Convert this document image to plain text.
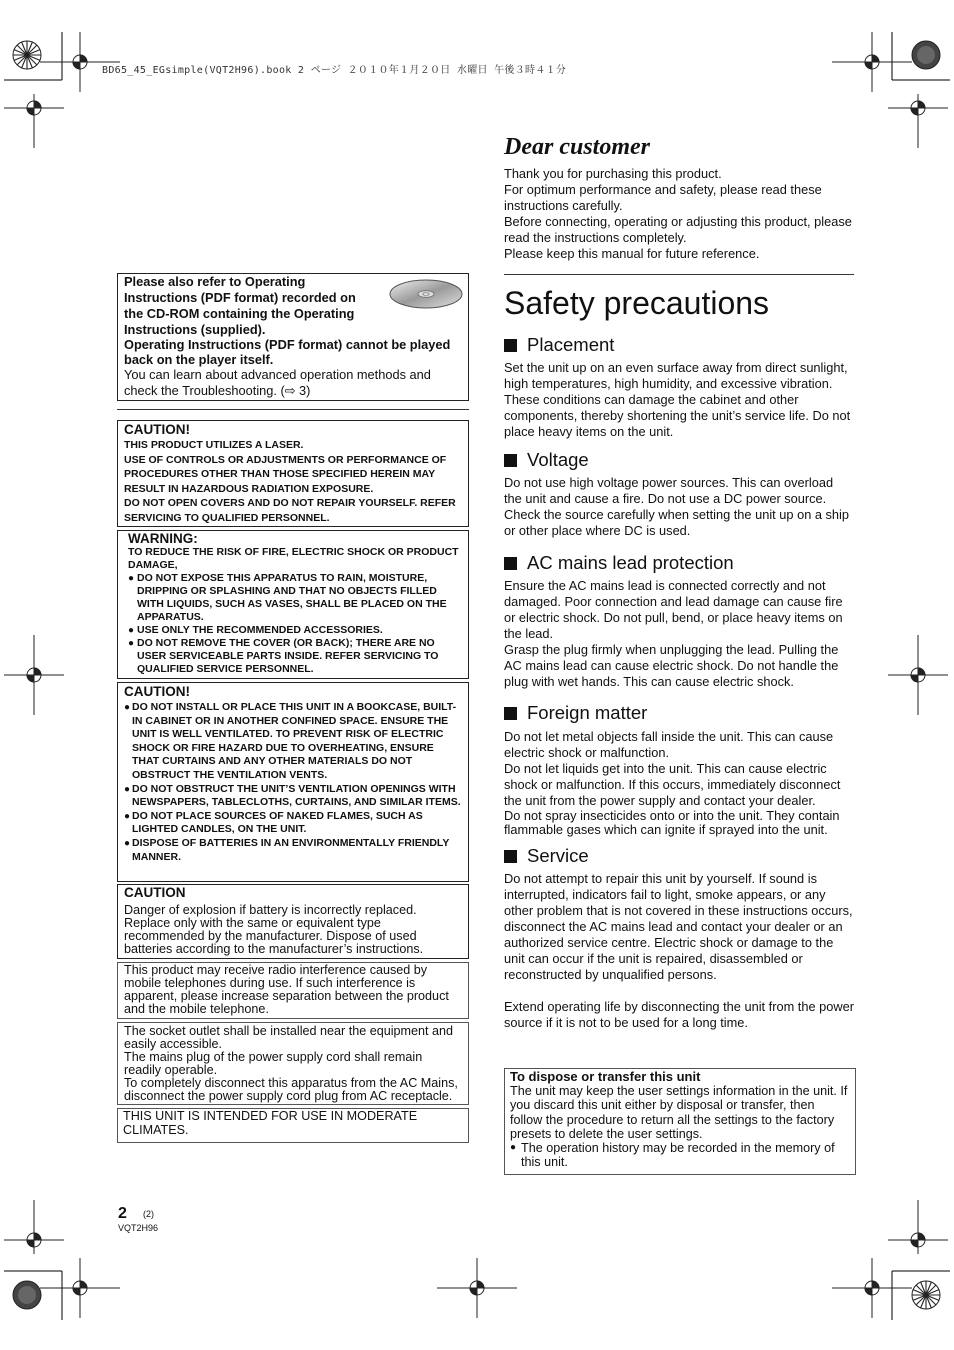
BD65_45_EGsimple(VQT2H96).book 2 ページ ２０１０年１月２０日 水曜日 午後３時４１分
Dear customer

Thank you for purchasing this product.

For optimum performance and safety, please read these instructions carefully.

Before connecting, operating or adjusting this product, please read the instructions completely.

Please keep this manual for future reference.

Safety precautions
Placement
Set the unit up on an even surface away from direct sunlight, high temperatures, high humidity, and excessive vibration. These conditions can damage the cabinet and other components, thereby shortening the unit’s service life. Do not place heavy items on the unit.
Voltage
Do not use high voltage power sources. This can overload the unit and cause a fire. Do not use a DC power source. Check the source carefully when setting the unit up on a ship or other place where DC is used.
AC mains lead protection

Ensure the AC mains lead is connected correctly and not damaged. Poor connection and lead damage can cause fire or electric shock. Do not pull, bend, or place heavy items on the lead.

Grasp the plug firmly when unplugging the lead. Pulling the AC mains lead can cause electric shock. Do not handle the plug with wet hands. This can cause electric shock.

Foreign matter

Do not let metal objects fall inside the unit. This can cause electric shock or malfunction.

Do not let liquids get into the unit. This can cause electric shock or malfunction. If this occurs, immediately disconnect the unit from the power supply and contact your dealer.

Do not spray insecticides onto or into the unit. They contain flammable gases which can ignite if sprayed into the unit.

Service
Do not attempt to repair this unit by yourself. If sound is interrupted, indicators fail to light, smoke appears, or any other problem that is not covered in these instructions occurs, disconnect the AC mains lead and contact your dealer or an authorized service centre. Electric shock or damage to the unit can occur if the unit is repaired, disassembled or reconstructed by unqualified persons.
Extend operating life by disconnecting the unit from the power source if it is not to be used for a long time.
To dispose or transfer this unit
The unit may keep the user settings information in the unit. If you discard this unit either by disposal or transfer, then follow the procedure to return all the settings to the factory presets to delete the user settings.
● The operation history may be recorded in the memory of this unit.
Please also refer to Operating
Instructions (PDF format) recorded on
the CD-ROM containing the Operating
Instructions (supplied).
Operating Instructions (PDF format) cannot be played back on the player itself.
You can learn about advanced operation methods and check the Troubleshooting. (⇨ 3)
CAUTION!

THIS PRODUCT UTILIZES A LASER.

USE OF CONTROLS OR ADJUSTMENTS OR PERFORMANCE OF PROCEDURES OTHER THAN THOSE SPECIFIED HEREIN MAY RESULT IN HAZARDOUS RADIATION EXPOSURE.

DO NOT OPEN COVERS AND DO NOT REPAIR YOURSELF. REFER SERVICING TO QUALIFIED PERSONNEL.

WARNING:
TO REDUCE THE RISK OF FIRE, ELECTRIC SHOCK OR PRODUCT DAMAGE,
● DO NOT EXPOSE THIS APPARATUS TO RAIN, MOISTURE, DRIPPING OR SPLASHING AND THAT NO OBJECTS FILLED WITH LIQUIDS, SUCH AS VASES, SHALL BE PLACED ON THE APPARATUS.
● USE ONLY THE RECOMMENDED ACCESSORIES.
● DO NOT REMOVE THE COVER (OR BACK); THERE ARE NO USER SERVICEABLE PARTS INSIDE. REFER SERVICING TO QUALIFIED SERVICE PERSONNEL.
CAUTION!
● DO NOT INSTALL OR PLACE THIS UNIT IN A BOOKCASE, BUILT-IN CABINET OR IN ANOTHER CONFINED SPACE. ENSURE THE UNIT IS WELL VENTILATED. TO PREVENT RISK OF ELECTRIC SHOCK OR FIRE HAZARD DUE TO OVERHEATING, ENSURE THAT CURTAINS AND ANY OTHER MATERIALS DO NOT OBSTRUCT THE VENTILATION VENTS.
● DO NOT OBSTRUCT THE UNIT’S VENTILATION OPENINGS WITH NEWSPAPERS, TABLECLOTHS, CURTAINS, AND SIMILAR ITEMS.
● DO NOT PLACE SOURCES OF NAKED FLAMES, SUCH AS LIGHTED CANDLES, ON THE UNIT.
● DISPOSE OF BATTERIES IN AN ENVIRONMENTALLY FRIENDLY MANNER.
CAUTION
Danger of explosion if battery is incorrectly replaced. Replace only with the same or equivalent type recommended by the manufacturer. Dispose of used batteries according to the manufacturer’s instructions.
This product may receive radio interference caused by mobile telephones during use. If such interference is apparent, please increase separation between the product and the mobile telephone.

The socket outlet shall be installed near the equipment and easily accessible.

The mains plug of the power supply cord shall remain readily operable.

To completely disconnect this apparatus from the AC Mains, disconnect the power supply cord plug from AC receptacle.

THIS UNIT IS INTENDED FOR USE IN MODERATE CLIMATES.
2 (2)
VQT2H96
